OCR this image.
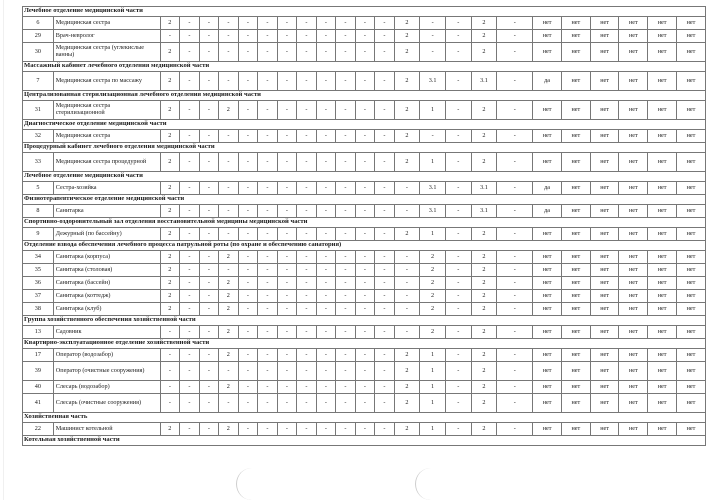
Лечебное отделение медицинской части																								
6	Медицинская сестра	2	-	-	-	-	-	-	-	-	-	-	-	2	-	-	2	-	нет	нет	нет	нет	нет	нет
29	Врач-невролог	-	-	-	-	-	-	-	-	-	-	-	-	2	-	-	2	-	нет	нет	нет	нет	нет	нет
30	Медицинская сестра (углекислые ванны)	2	-	-	-	-	-	-	-	-	-	-	-	2	-	-	2	-	нет	нет	нет	нет	нет	нет
Массажный кабинет лечебного отделения медицинской части																								
7	Медицинская сестра по массажу	2	-	-	-	-	-	-	-	-	-	-	-	2	3.1	-	3.1	-	да	нет	нет	нет	нет	нет
Централизованная стерилизационная лечебного отделения медицинской части																								
31	Медицинская сестра стерилизационной	2	-	-	2	-	-	-	-	-	-	-	-	2	1	-	2	-	нет	нет	нет	нет	нет	нет
Диагностическое отделение медицинской части																								
32	Медицинская сестра	2	-	-	-	-	-	-	-	-	-	-	-	2	-	-	2	-	нет	нет	нет	нет	нет	нет
Процедурный кабинет лечебного отделения медицинской части																								
33	Медицинская сестра процедурной	2	-	-	-	-	-	-	-	-	-	-	-	2	1	-	2	-	нет	нет	нет	нет	нет	нет
Лечебное отделение медицинской части																								
5	Сестра-хозяйка	2	-	-	-	-	-	-	-	-	-	-	-	-	3.1	-	3.1	-	да	нет	нет	нет	нет	нет
Физиотерапевтическое отделение медицинской части																								
8	Санитарка	2	-	-	-	-	-	-	-	-	-	-	-	-	3.1	-	3.1	-	да	нет	нет	нет	нет	нет
Спортивно-оздоровительный зал отделения восстановительной медицины медицинской части																								
9	Дежурный (по бассейну)	2	-	-	-	-	-	-	-	-	-	-	-	2	1	-	2	-	нет	нет	нет	нет	нет	нет
Отделение взвода обеспечения лечебного процесса патрульной роты (по охране и обеспечению санатория)																								
34	Санитарка (корпуса)	2	-	-	2	-	-	-	-	-	-	-	-	-	2	-	2	-	нет	нет	нет	нет	нет	нет
35	Санитарка (столовая)	2	-	-	-	-	-	-	-	-	-	-	-	-	2	-	2	-	нет	нет	нет	нет	нет	нет
36	Санитарка (бассейн)	2	-	-	2	-	-	-	-	-	-	-	-	-	2	-	2	-	нет	нет	нет	нет	нет	нет
37	Санитарка (коттедж)	2	-	-	2	-	-	-	-	-	-	-	-	-	2	-	2	-	нет	нет	нет	нет	нет	нет
38	Санитарка (клуб)	2	-	-	2	-	-	-	-	-	-	-	-	-	2	-	2	-	нет	нет	нет	нет	нет	нет
Группа хозяйственного обеспечения хозяйственной части																								
13	Садовник	-	-	-	2	-	-	-	-	-	-	-	-	-	2	-	2	-	нет	нет	нет	нет	нет	нет
Квартирно-эксплуатационное отделение хозяйственной части																								
17	Оператор (водозабор)	-	-	-	2	-	-	-	-	-	-	-	-	2	1	-	2	-	нет	нет	нет	нет	нет	нет
39	Оператор (очистные сооружения)	-	-	-	-	-	-	-	-	-	-	-	-	2	1	-	2	-	нет	нет	нет	нет	нет	нет
40	Слесарь (водозабор)	-	-	-	2	-	-	-	-	-	-	-	-	2	1	-	2	-	нет	нет	нет	нет	нет	нет
41	Слесарь (очистные сооружения)	-	-	-	-	-	-	-	-	-	-	-	-	2	1	-	2	-	нет	нет	нет	нет	нет	нет
Хозяйственная часть																								
22	Машинист котельной	2	-	-	2	-	-	-	-	-	-	-	-	2	1	-	2	-	нет	нет	нет	нет	нет	нет
Котельная хозяйственной части																								
